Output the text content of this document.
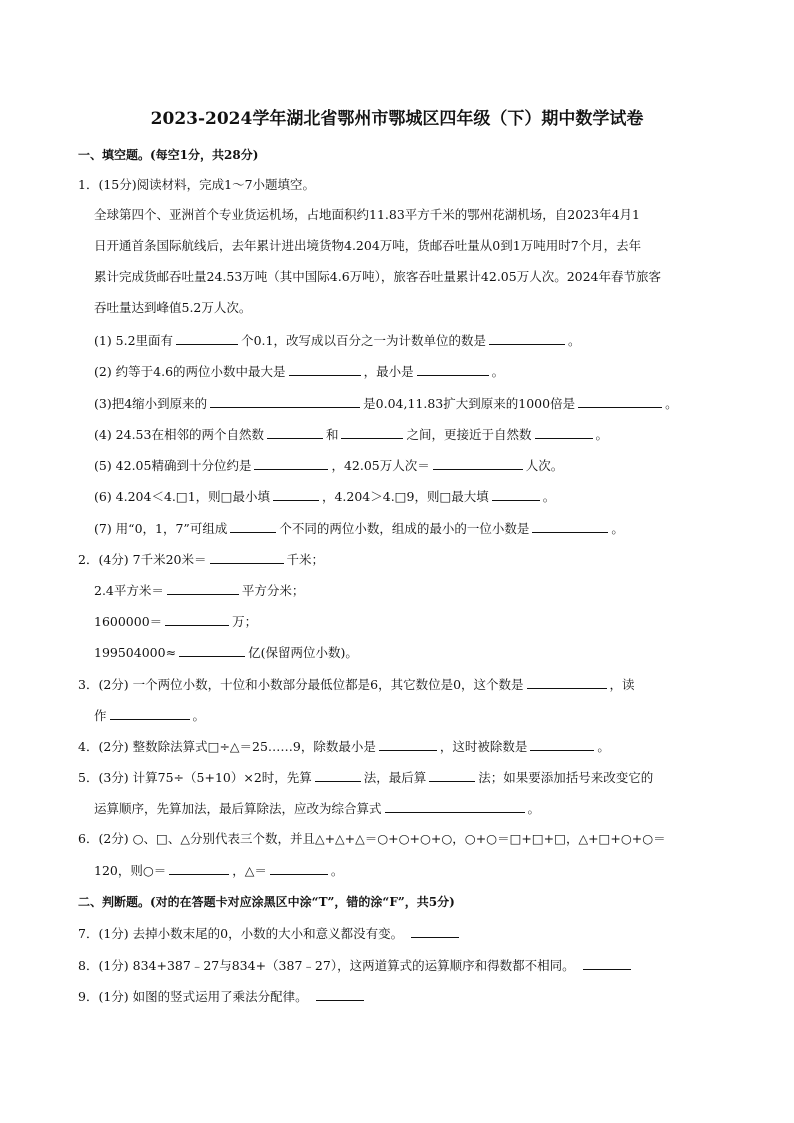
2023-2024学年湖北省鄂州市鄂城区四年级（下）期中数学试卷
一、填空题。(每空1分，共28分)
1．(15分)阅读材料，完成1～7小题填空。
全球第四个、亚洲首个专业货运机场，占地面积约11.83平方千米的鄂州花湖机场，自2023年4月1
日开通首条国际航线后，去年累计进出境货物4.204万吨，货邮吞吐量从0到1万吨用时7个月，去年
累计完成货邮吞吐量24.53万吨（其中国际4.6万吨），旅客吞吐量累计42.05万人次。2024年春节旅客
吞吐量达到峰值5.2万人次。
(1) 5.2里面有	个0.1，改写成以百分之一为计数单位的数是	。
(2) 约等于4.6的两位小数中最大是	，最小是	。
(3)把4缩小到原来的	是0.04,11.83扩大到原来的1000倍是	。
(4) 24.53在相邻的两个自然数	和	之间，更接近于自然数	。
(5) 42.05精确到十分位约是	，42.05万人次＝	人次。
(6) 4.204＜4.□1，则□最小填	，4.204＞4.□9，则□最大填	。
(7) 用“0，1，7”可组成	个不同的两位小数，组成的最小的一位小数是	。
2．(4分) 7千米20米＝	千米；
2.4平方米＝	平方分米；
1600000＝	万；
199504000≈	亿(保留两位小数)。
3．(2分) 一个两位小数，十位和小数部分最低位都是6，其它数位是0，这个数是	，读
作	。
4．(2分) 整数除法算式□÷△＝25……9，除数最小是	，这时被除数是	。
5．(3分) 计算75÷（5+10）×2时，先算	法，最后算	法；如果要添加括号来改变它的
运算顺序，先算加法，最后算除法，应改为综合算式	。
6．(2分) ○、□、△分别代表三个数，并且△+△+△＝○+○+○+○，○+○＝□+□+□，△+□+○+○＝
120，则○＝	，△＝	。
二、判断题。(对的在答题卡对应涂黑区中涂“T”，错的涂“F”，共5分)
7．(1分) 去掉小数末尾的0，小数的大小和意义都没有变。
8．(1分) 834+387﹣27与834+（387﹣27），这两道算式的运算顺序和得数都不相同。
9．(1分) 如图的竖式运用了乘法分配律。
